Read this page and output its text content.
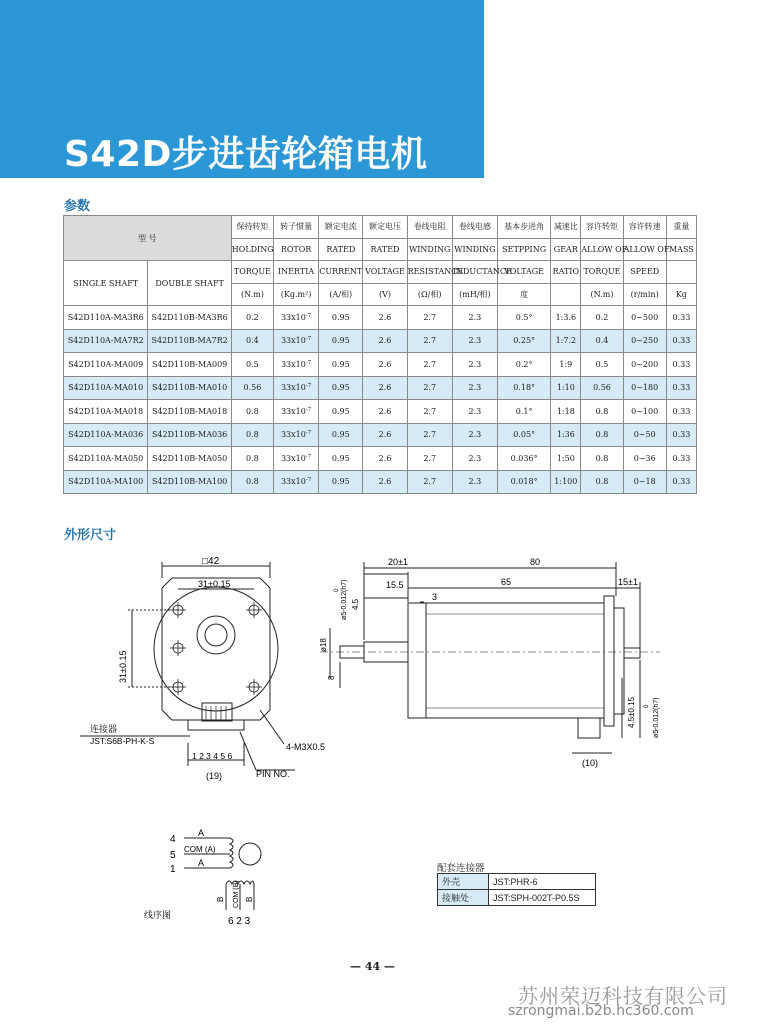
S42D步进齿轮箱电机
参数
型 号		保持转矩	转子惯量	额定电流	额定电压	卷线电阻	卷线电感	基本步进角	减速比	容许转矩	容许转速	重量
		HOLDING	ROTOR	RATED	RATED	WINDING	WINDING	SETPPING	GEAR	ALLOW OF	ALLOW OF	MASS
SINGLE SHAFT	DOUBLE SHAFT	TORQUE	INERTIA	CURRENT	VOLTAGE	RESISTANCE	INDUCTANCE	VOLTAGE	RATIO	TORQUE	SPEED	
		(N.m)	(Kg.m²)	(A/相)	(V)	(Ω/相)	(mH/相)	度		(N.m)	(r/min)	Kg
S42D110A-MA3R6	S42D110B-MA3R6	0.2	$33x10^{-7}$	0.95	2.6	2.7	2.3	0.5°	1:3.6	0.2	0~500	0.33
S42D110A-MA7R2	S42D110B-MA7R2	0.4	$33x10^{-7}$	0.95	2.6	2.7	2.3	0.25°	1:7.2	0.4	0~250	0.33
S42D110A-MA009	S42D110B-MA009	0.5	$33x10^{-7}$	0.95	2.6	2.7	2.3	0.2°	1:9	0.5	0~200	0.33
S42D110A-MA010	S42D110B-MA010	0.56	$33x10^{-7}$	0.95	2.6	2.7	2.3	0.18°	1:10	0.56	0~180	0.33
S42D110A-MA018	S42D110B-MA018	0.8	$33x10^{-7}$	0.95	2.6	2.7	2.3	0.1°	1:18	0.8	0~100	0.33
S42D110A-MA036	S42D110B-MA036	0.8	$33x10^{-7}$	0.95	2.6	2.7	2.3	0.05°	1:36	0.8	0~50	0.33
S42D110A-MA050	S42D110B-MA050	0.8	$33x10^{-7}$	0.95	2.6	2.7	2.3	0.036°	1:50	0.8	0~36	0.33
S42D110A-MA100	S42D110B-MA100	0.8	$33x10^{-7}$	0.95	2.6	2.7	2.3	0.018°	1:100	0.8	0~18	0.33
外形尺寸
□42
31±0.15
31±0.15
连接器
JST:S6B-PH-K-S
1 2 3 4 5 6
(19)	PIN NO.
4-M3X0.5
20±1	80
15.5	65	15±1
3
4.5
ø5-0.012(h7)
0
ø18
8
4.5±0.15 ø5-0.012(h7)
0
(10)
4
5
1
A
COM (A)
A
B COM (B) B
6 2 3
线序图
配套连接器
外壳	JST:PHR-6
接触处	JST:SPH-002T-P0.5S
— 44 —
苏州荣迈科技有限公司
szrongmai.b2b.hc360.com
